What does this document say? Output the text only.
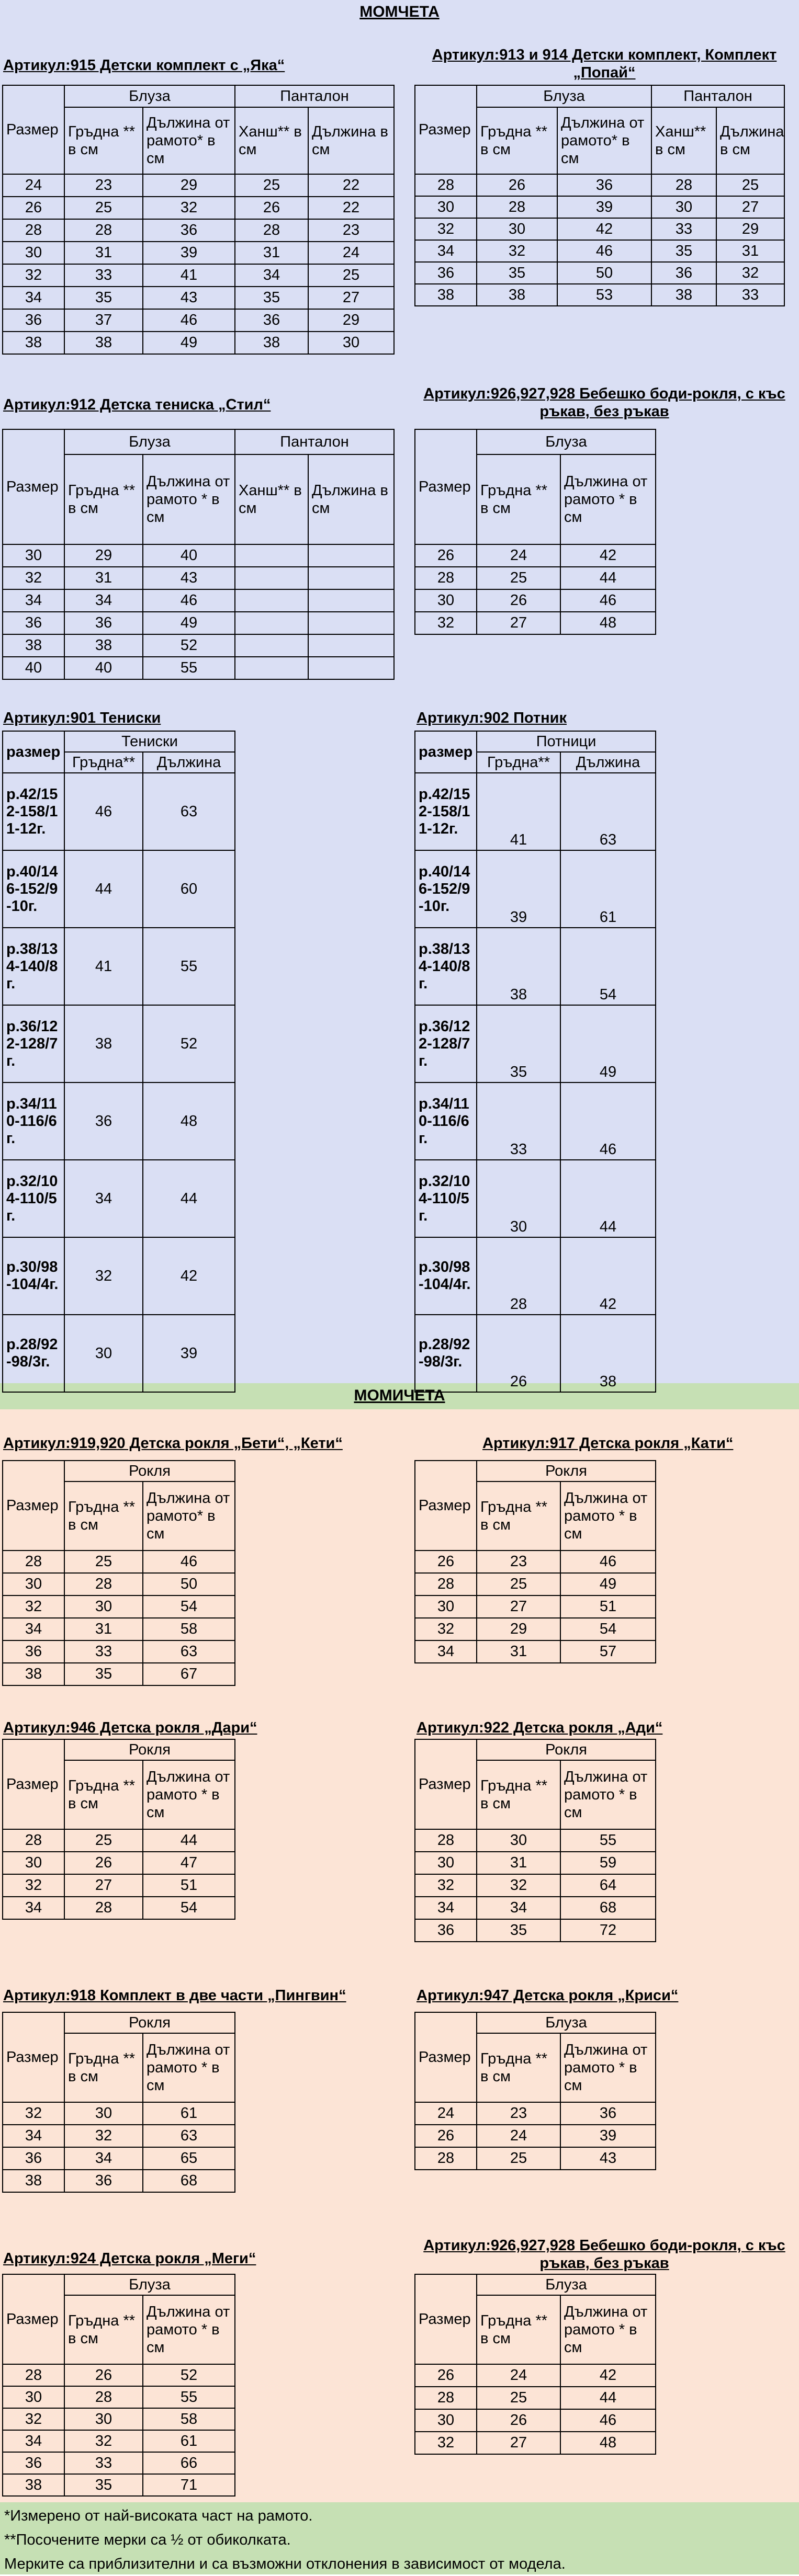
МОМЧЕТА
МОМИЧЕТА
Артикул:915 Детски комплект с „Яка“
Размер	Блуза		Панталон	
	Гръдна ** в см	Дължина от рамото* в см	Ханш** в см	Дължина в см
24	23	29	25	22
26	25	32	26	22
28	28	36	28	23
30	31	39	31	24
32	33	41	34	25
34	35	43	35	27
36	37	46	36	29
38	38	49	38	30
Артикул:913 и 914 Детски комплект, Комплект „Попай“
Размер	Блуза		Панталон	
	Гръдна ** в см	Дължина от рамото* в см	Ханш** в см	Дължина в см
28	26	36	28	25
30	28	39	30	27
32	30	42	33	29
34	32	46	35	31
36	35	50	36	32
38	38	53	38	33
Артикул:912 Детска тениска „Стил“
Размер	Блуза		Панталон	
	Гръдна ** в см	Дължина от рамото * в см	Ханш** в см	Дължина в см
30	29	40		
32	31	43		
34	34	46		
36	36	49		
38	38	52		
40	40	55		
Артикул:926,927,928 Бебешко боди-рокля, с къс ръкав, без ръкав
Размер	Блуза	
	Гръдна ** в см	Дължина от рамото * в см
26	24	42
28	25	44
30	26	46
32	27	48
Артикул:901 Тениски
размер	Тениски	
	Гръдна**	Дължина
р.42/152-158/11-12г.	46	63
р.40/146-152/9-10г.	44	60
р.38/134-140/8г.	41	55
р.36/122-128/7г.	38	52
р.34/110-116/6г.	36	48
р.32/104-110/5г.	34	44
р.30/98-104/4г.	32	42
р.28/92-98/3г.	30	39
Артикул:902 Потник
размер	Потници	
	Гръдна**	Дължина
р.42/152-158/11-12г.	41	63
р.40/146-152/9-10г.	39	61
р.38/134-140/8г.	38	54
р.36/122-128/7г.	35	49
р.34/110-116/6г.	33	46
р.32/104-110/5г.	30	44
р.30/98-104/4г.	28	42
р.28/92-98/3г.	26	38
Артикул:919,920 Детска рокля „Бети“, „Кети“
Размер	Рокля	
	Гръдна ** в см	Дължина от рамото* в см
28	25	46
30	28	50
32	30	54
34	31	58
36	33	63
38	35	67
Артикул:917 Детска рокля „Кати“
Размер	Рокля	
	Гръдна ** в см	Дължина от рамото * в см
26	23	46
28	25	49
30	27	51
32	29	54
34	31	57
Артикул:946 Детска рокля „Дари“
Размер	Рокля	
	Гръдна ** в см	Дължина от рамото * в см
28	25	44
30	26	47
32	27	51
34	28	54
Артикул:922 Детска рокля „Ади“
Размер	Рокля	
	Гръдна ** в см	Дължина от рамото * в см
28	30	55
30	31	59
32	32	64
34	34	68
36	35	72
Артикул:918 Комплект в две части „Пингвин“
Размер	Рокля	
	Гръдна ** в см	Дължина от рамото * в см
32	30	61
34	32	63
36	34	65
38	36	68
Артикул:947 Детска рокля „Криси“
Размер	Блуза	
	Гръдна ** в см	Дължина от рамото * в см
24	23	36
26	24	39
28	25	43
Артикул:924 Детска рокля „Меги“
Размер	Блуза	
	Гръдна ** в см	Дължина от рамото * в см
28	26	52
30	28	55
32	30	58
34	32	61
36	33	66
38	35	71
Артикул:926,927,928 Бебешко боди-рокля, с къс ръкав, без ръкав
Размер	Блуза	
	Гръдна ** в см	Дължина от рамото * в см
26	24	42
28	25	44
30	26	46
32	27	48
*Измерено от най-високата част на рамото.
**Посочените мерки са ½ от обиколката.
Мерките са приблизителни и са възможни отклонения в зависимост от модела.
